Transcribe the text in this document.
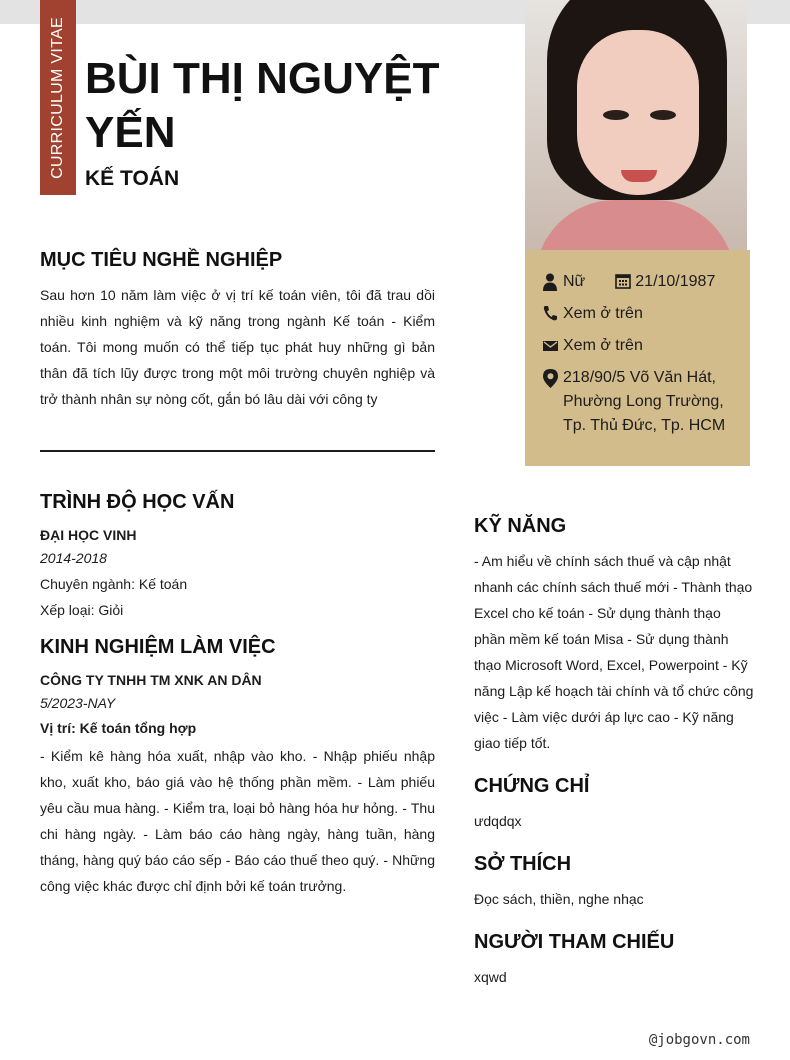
CURRICULUM VITAE BÙI THỊ NGUYỆT YẾN
KẾ TOÁN
Nữ	21/10/1987
Xem ở trên
Xem ở trên
218/90/5 Võ Văn Hát, Phường Long Trường, Tp. Thủ Đức, Tp. HCM
MỤC TIÊU NGHỀ NGHIỆP

Sau hơn 10 năm làm việc ở vị trí kế toán viên, tôi đã trau dồi nhiều kinh nghiệm và kỹ năng trong ngành Kế toán - Kiểm toán. Tôi mong muốn có thể tiếp tục phát huy những gì bản thân đã tích lũy được trong một môi trường chuyên nghiệp và trở thành nhân sự nòng cốt, gắn bó lâu dài với công ty

TRÌNH ĐỘ HỌC VẤN
ĐẠI HỌC VINH
2014-2018
Chuyên ngành: Kế toán
Xếp loại: Giỏi
KINH NGHIỆM LÀM VIỆC
CÔNG TY TNHH TM XNK AN DÂN
5/2023-NAY
Vị trí: Kế toán tổng hợp
- Kiểm kê hàng hóa xuất, nhập vào kho. - Nhập phiếu nhập kho, xuất kho, báo giá vào hệ thống phần mềm. - Làm phiếu yêu cầu mua hàng. - Kiểm tra, loại bỏ hàng hóa hư hỏng. - Thu chi hàng ngày. - Làm báo cáo hàng ngày, hàng tuần, hàng tháng, hàng quý báo cáo sếp - Báo cáo thuế theo quý. - Những công việc khác được chỉ định bởi kế toán trưởng.
KỸ NĂNG

- Am hiểu về chính sách thuế và cập nhật nhanh các chính sách thuế mới - Thành thạo Excel cho kế toán - Sử dụng thành thạo phần mềm kế toán Misa - Sử dụng thành thạo Microsoft Word, Excel, Powerpoint - Kỹ năng Lập kế hoạch tài chính và tổ chức công việc - Làm việc dưới áp lực cao - Kỹ năng giao tiếp tốt.

CHỨNG CHỈ

ưdqdqx

SỞ THÍCH

Đọc sách, thiền, nghe nhạc

NGƯỜI THAM CHIẾU

xqwd

@jobgovn.com
